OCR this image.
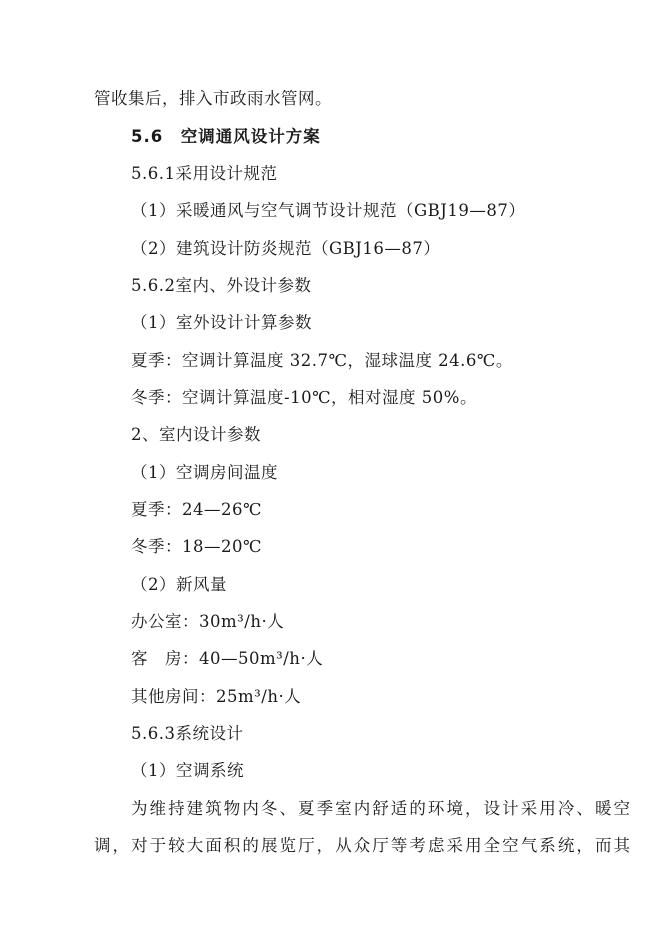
管收集后，排入市政雨水管网。
5.6　空调通风设计方案
5.6.1采用设计规范
（1）采暖通风与空气调节设计规范（GBJ19—87）
（2）建筑设计防炎规范（GBJ16—87）
5.6.2室内、外设计参数
（1）室外设计计算参数
夏季：空调计算温度 32.7℃，湿球温度 24.6℃。
冬季：空调计算温度-10℃，相对湿度 50%。
2、室内设计参数
（1）空调房间温度
夏季：24—26℃
冬季：18—20℃
（2）新风量
办公室：30m³/h·人
客　房：40—50m³/h·人
其他房间：25m³/h·人
5.6.3系统设计
（1）空调系统
为维持建筑物内冬、夏季室内舒适的环境，设计采用冷、暖空
调，对于较大面积的展览厅，从众厅等考虑采用全空气系统，而其
